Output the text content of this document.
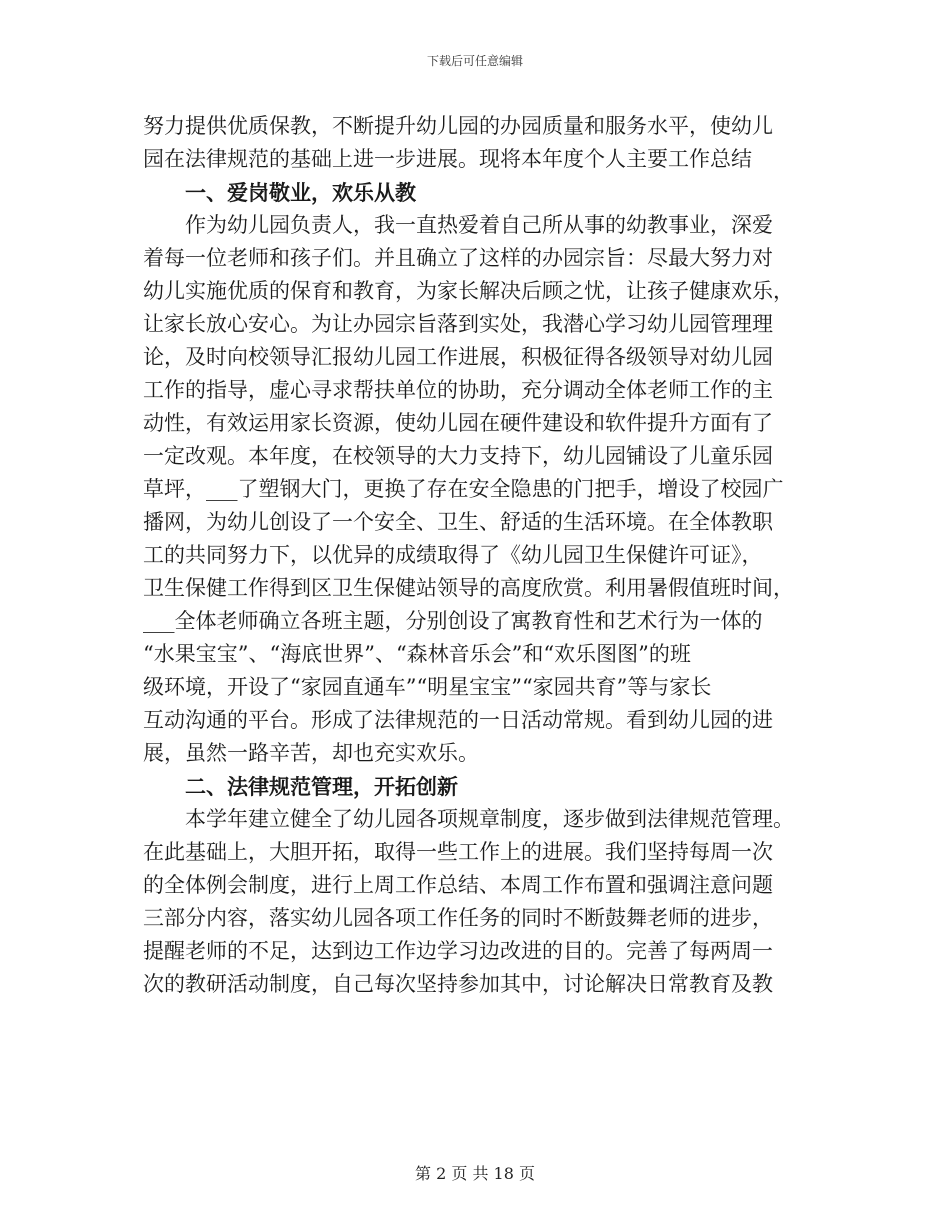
下载后可任意编辑
努力提供优质保教，不断提升幼儿园的办园质量和服务水平，使幼儿
园在法律规范的基础上进一步进展。现将本年度个人主要工作总结
一、爱岗敬业，欢乐从教
作为幼儿园负责人，我一直热爱着自己所从事的幼教事业，深爱
着每一位老师和孩子们。并且确立了这样的办园宗旨：尽最大努力对
幼儿实施优质的保育和教育，为家长解决后顾之忧，让孩子健康欢乐，
让家长放心安心。为让办园宗旨落到实处，我潜心学习幼儿园管理理
论，及时向校领导汇报幼儿园工作进展，积极征得各级领导对幼儿园
工作的指导，虚心寻求帮扶单位的协助，充分调动全体老师工作的主
动性，有效运用家长资源，使幼儿园在硬件建设和软件提升方面有了
一定改观。本年度，在校领导的大力支持下，幼儿园铺设了儿童乐园
草坪，___了塑钢大门，更换了存在安全隐患的门把手，增设了校园广
播网，为幼儿创设了一个安全、卫生、舒适的生活环境。在全体教职
工的共同努力下，以优异的成绩取得了《幼儿园卫生保健许可证》，
卫生保健工作得到区卫生保健站领导的高度欣赏。利用暑假值班时间，
___全体老师确立各班主题，分别创设了寓教育性和艺术行为一体的
“水果宝宝”、“海底世界”、“森林音乐会”和“欢乐图图”的班
级环境，开设了“家园直通车”“明星宝宝”“家园共育”等与家长
互动沟通的平台。形成了法律规范的一日活动常规。看到幼儿园的进
展，虽然一路辛苦，却也充实欢乐。
二、法律规范管理，开拓创新
本学年建立健全了幼儿园各项规章制度，逐步做到法律规范管理。
在此基础上，大胆开拓，取得一些工作上的进展。我们坚持每周一次
的全体例会制度，进行上周工作总结、本周工作布置和强调注意问题
三部分内容，落实幼儿园各项工作任务的同时不断鼓舞老师的进步，
提醒老师的不足，达到边工作边学习边改进的目的。完善了每两周一
次的教研活动制度，自己每次坚持参加其中，讨论解决日常教育及教
第 2 页 共 18 页
